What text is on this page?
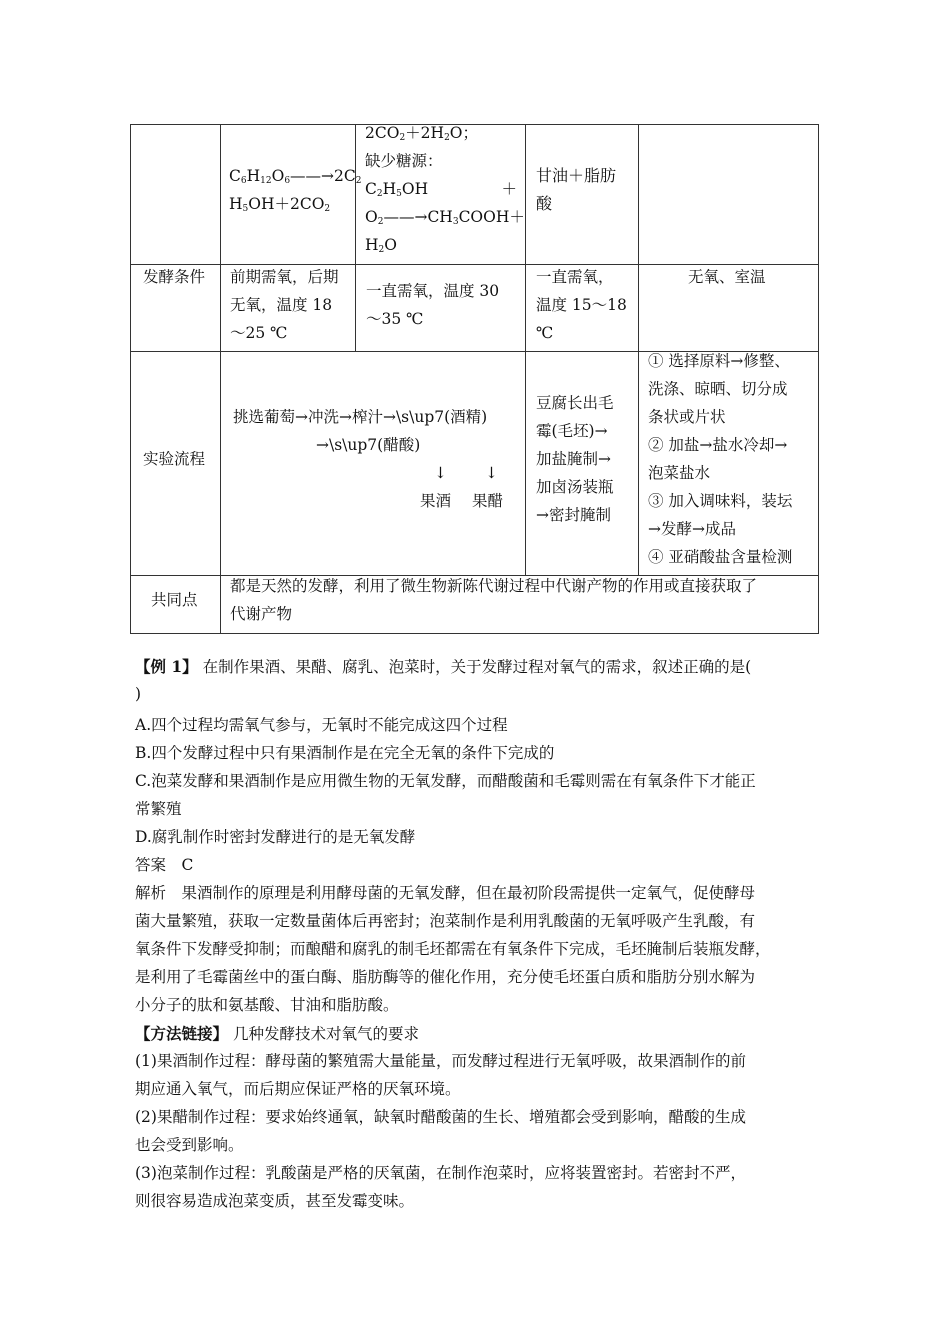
$C_6H_{12}O_6——\to 2C_2$
$H_5OH+2CO_2$
$2CO_2+2H_2O$；
缺少糖源：
$C_2H_5OH$	＋
$O_2——\to CH_3COOH$ ＋
$H_2O$
甘油＋脂肪
酸
发酵条件 前期需氧，后期
无氧，温度 18
～25 ℃
一直需氧，温度 30
～35 ℃
一直需氧，
温度 15～18
℃
无氧、室温
实验流程
挑选葡萄→冲洗→榨汁→\s\up7(酒精)
→\s\up7(醋酸)
↓ ↓
果酒 果醋
豆腐长出毛
霉(毛坯)→
加盐腌制→
加卤汤装瓶
→密封腌制
① 选择原料→修整、
洗涤、晾晒、切分成
条状或片状
② 加盐→盐水冷却→
泡菜盐水
③ 加入调味料，装坛
→发酵→成品
④ 亚硝酸盐含量检测
共同点
都是天然的发酵，利用了微生物新陈代谢过程中代谢产物的作用或直接获取了
代谢产物
【例 1】 在制作果酒、果醋、腐乳、泡菜时，关于发酵过程对氧气的需求，叙述正确的是(
)
A.四个过程均需氧气参与，无氧时不能完成这四个过程
B.四个发酵过程中只有果酒制作是在完全无氧的条件下完成的
C.泡菜发酵和果酒制作是应用微生物的无氧发酵，而醋酸菌和毛霉则需在有氧条件下才能正
常繁殖
D.腐乳制作时密封发酵进行的是无氧发酵
答案　C
解析　果酒制作的原理是利用酵母菌的无氧发酵，但在最初阶段需提供一定氧气，促使酵母
菌大量繁殖，获取一定数量菌体后再密封；泡菜制作是利用乳酸菌的无氧呼吸产生乳酸，有
氧条件下发酵受抑制；而酿醋和腐乳的制毛坯都需在有氧条件下完成，毛坯腌制后装瓶发酵，
是利用了毛霉菌丝中的蛋白酶、脂肪酶等的催化作用，充分使毛坯蛋白质和脂肪分别水解为
小分子的肽和氨基酸、甘油和脂肪酸。
【方法链接】 几种发酵技术对氧气的要求
(1)果酒制作过程：酵母菌的繁殖需大量能量，而发酵过程进行无氧呼吸，故果酒制作的前
期应通入氧气，而后期应保证严格的厌氧环境。
(2)果醋制作过程：要求始终通氧，缺氧时醋酸菌的生长、增殖都会受到影响，醋酸的生成
也会受到影响。
(3)泡菜制作过程：乳酸菌是严格的厌氧菌，在制作泡菜时，应将装置密封。若密封不严，
则很容易造成泡菜变质，甚至发霉变味。
